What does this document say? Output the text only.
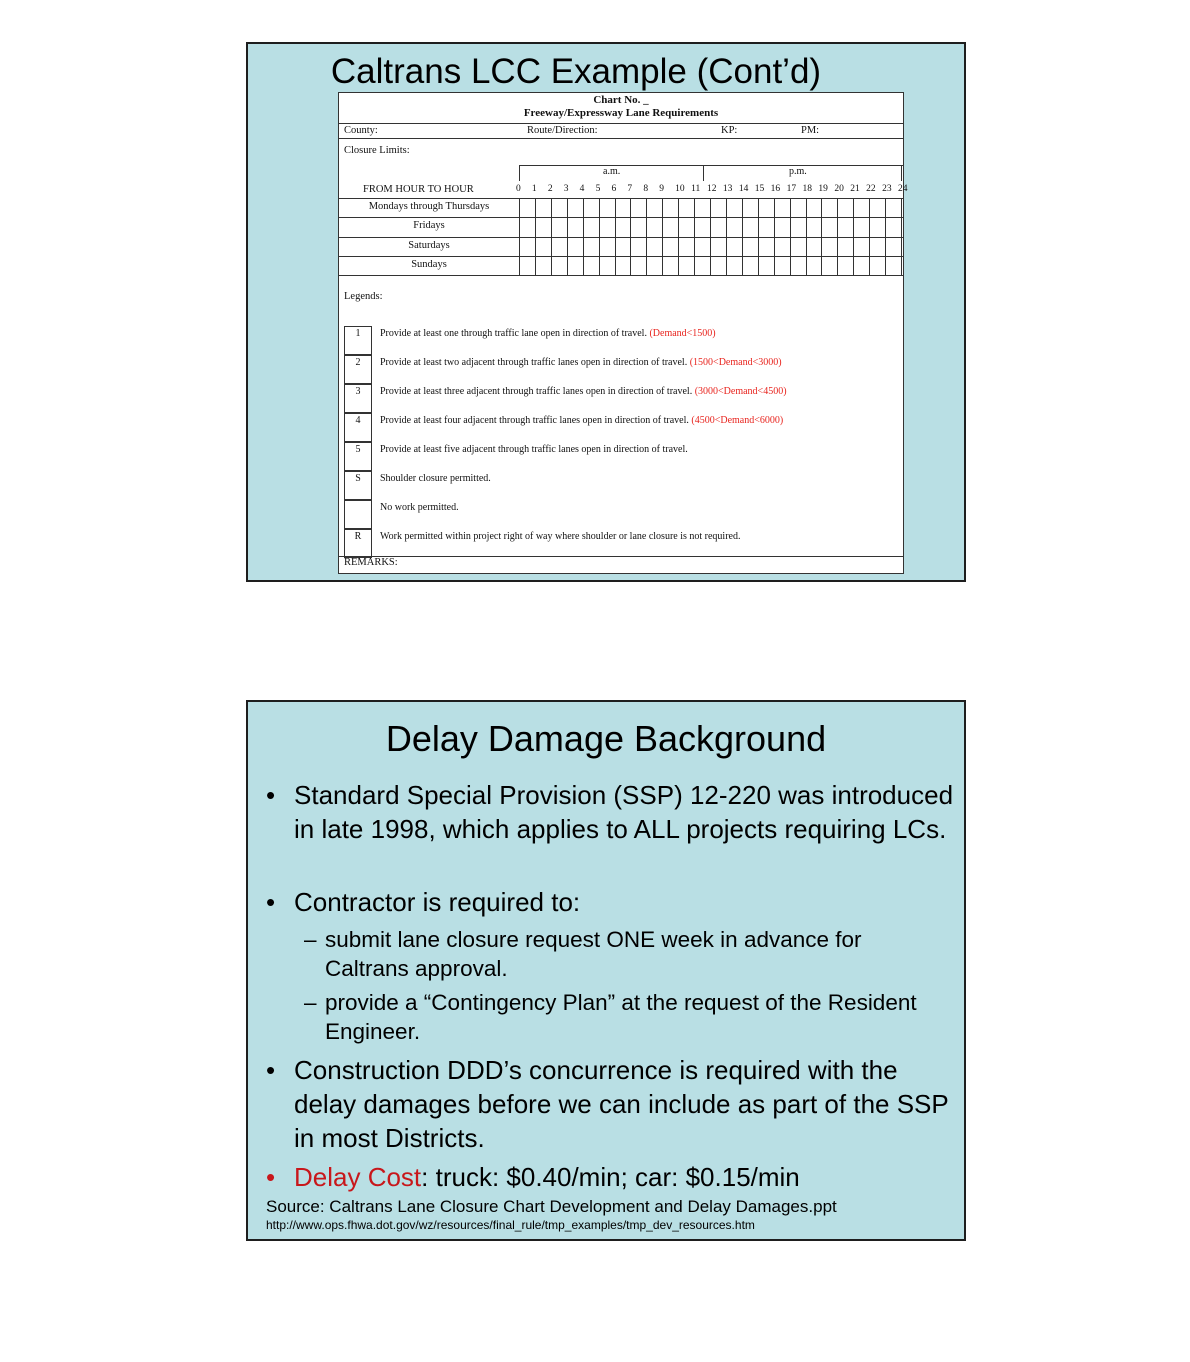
Caltrans LCC Example (Cont’d)
Chart No. _
Freeway/Expressway Lane Requirements
County:	Route/Direction:	KP:	PM:
Closure Limits:
a.m.	p.m.
FROM HOUR TO HOUR	0 1 2 3 4 5 6 7 8 9 10 11 12 13 14 15 16 17 18 19 20 21 22 23 24
Mondays through Thursdays
Fridays
Saturdays
Sundays
Legends:
1	Provide at least one through traffic lane open in direction of travel. (Demand<1500)
2	Provide at least two adjacent through traffic lanes open in direction of travel. (1500<Demand<3000)
3	Provide at least three adjacent through traffic lanes open in direction of travel. (3000<Demand<4500)
4	Provide at least four adjacent through traffic lanes open in direction of travel. (4500<Demand<6000)
5	Provide at least five adjacent through traffic lanes open in direction of travel.
S	Shoulder closure permitted.
No work permitted.
R	Work permitted within project right of way where shoulder or lane closure is not required.
REMARKS:
Delay Damage Background
• Standard Special Provision (SSP) 12-220 was introduced in late 1998, which applies to ALL projects requiring LCs.
• Contractor is required to:
– submit lane closure request ONE week in advance for Caltrans approval.
– provide a “Contingency Plan” at the request of the Resident Engineer.
• Construction DDD’s concurrence is required with the delay damages before we can include as part of the SSP in most Districts.
• Delay Cost: truck: $0.40/min; car: $0.15/min
Source: Caltrans Lane Closure Chart Development and Delay Damages.ppt
http://www.ops.fhwa.dot.gov/wz/resources/final_rule/tmp_examples/tmp_dev_resources.htm
